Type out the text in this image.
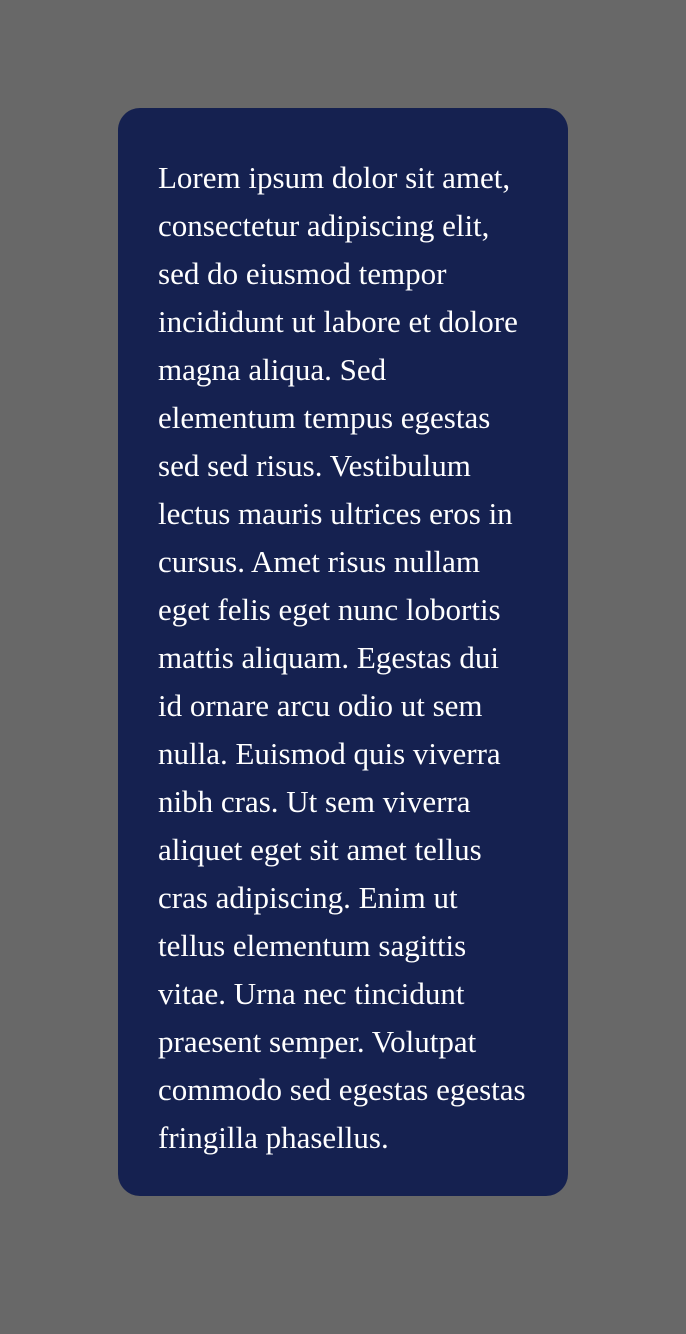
Lorem ipsum dolor sit amet, consectetur adipiscing elit, sed do eiusmod tempor incididunt ut labore et dolore magna aliqua. Sed elementum tempus egestas sed sed risus. Vestibulum lectus mauris ultrices eros in cursus. Amet risus nullam eget felis eget nunc lobortis mattis aliquam. Egestas dui id ornare arcu odio ut sem nulla. Euismod quis viverra nibh cras. Ut sem viverra aliquet eget sit amet tellus cras adipiscing. Enim ut tellus elementum sagittis vitae. Urna nec tincidunt praesent semper. Volutpat commodo sed egestas egestas fringilla phasellus.
